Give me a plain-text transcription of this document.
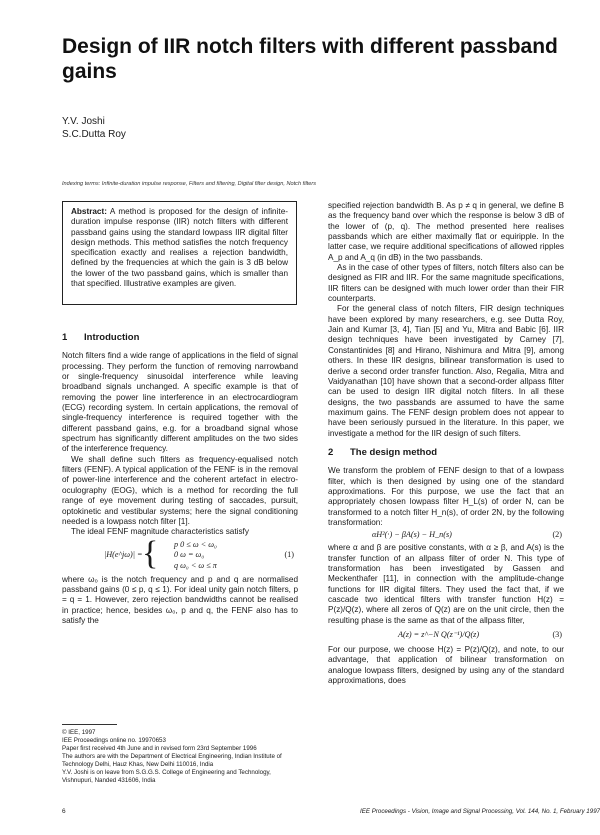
Design of IIR notch filters with different passband gains
Y.V. Joshi
S.C.Dutta Roy
Indexing terms: Infinite-duration impulse response, Filters and filtering, Digital filter design, Notch filters
Abstract: A method is proposed for the design of infinite-duration impulse response (IIR) notch filters with different passband gains using the standard lowpass IIR digital filter design methods. This method satisfies the notch frequency specification exactly and realises a rejection bandwidth, defined by the frequencies at which the gain is 3 dB below the lower of the two passband gains, which is smaller than that specified. Illustrative examples are given.
1 Introduction

Notch filters find a wide range of applications in the field of signal processing. They perform the function of removing narrowband or single-frequency sinusoidal interference while leaving broadband signals unchanged. A specific example is that of removing the power line interference in an electrocardiogram (ECG) recording system. In certain applications, the removal of single-frequency interference is required together with the different passband gains, e.g. for a broadband signal whose spectrum has significantly different amplitudes on the two sides of the interference frequency.

We shall define such filters as frequency-equalised notch filters (FENF). A typical application of the FENF is in the removal of power-line interference and the coherent artefact in electro-oculography (EOG), which is a method for recording the full range of eye movement during testing of saccades, pursuit, optokinetic and vestibular systems; here the signal conditioning needed is a lowpass notch filter [1].

The ideal FENF magnitude characteristics satisfy

|H(e^jω)| =	(1)
{	p 0 ≤ ω < ω₀
0 ω = ω₀
q ω₀ < ω ≤ π

where ω₀ is the notch frequency and p and q are normalised passband gains (0 ≤ p, q ≤ 1). For ideal unity gain notch filters, p = q = 1. However, zero rejection bandwidths cannot be realised in practice; hence, besides ω₀, p and q, the FENF also has to satisfy the

© IEE, 1997
IEE Proceedings online no. 19970653
Paper first received 4th June and in revised form 23rd September 1996
The authors are with the Department of Electrical Engineering, Indian Institute of Technology Delhi, Hauz Khas, New Delhi 110016, India
Y.V. Joshi is on leave from S.G.G.S. College of Engineering and Technology, Vishnupuri, Nanded 431606, India

specified rejection bandwidth B. As p ≠ q in general, we define B as the frequency band over which the response is below 3 dB of the lower of (p, q). The method presented here realises passbands which are either maximally flat or equiripple. In the latter case, we require additional specifications of allowed ripples A_p and A_q (in dB) in the two passbands.

As in the case of other types of filters, notch filters also can be designed as FIR and IIR. For the same magnitude specifications, IIR filters can be designed with much lower order than their FIR counterparts.

For the general class of notch filters, FIR design techniques have been explored by many researchers, e.g. see Dutta Roy, Jain and Kumar [3, 4], Tian [5] and Yu, Mitra and Babic [6]. IIR design techniques have been investigated by Carney [7], Constantinides [8] and Hirano, Nishimura and Mitra [9], among others. In these IIR designs, bilinear transformation is used to derive a second order transfer function. Also, Regalia, Mitra and Vaidyanathan [10] have shown that a second-order allpass filter can be used to design IIR digital notch filters. In all these designs, the two passbands are assumed to have the same maximum gains. The FENF design problem does not appear to have been seriously pursued in the literature. In this paper, we investigate a method for the IIR design of such filters.

2 The design method

We transform the problem of FENF design to that of a lowpass filter, which is then designed by using one of the standard approximations. For this purpose, we use the fact that an appropriately chosen lowpass filter H_L(s) of order N, can be transformed to a notch filter H_n(s), of order 2N, by the following transformation:

αH²(·) − βA(s) − H_n(s)	(2)

where α and β are positive constants, with α ≥ β, and A(s) is the transfer function of an allpass filter of order N. This type of transformation has been investigated by Gassen and Meckenthafer [11], in connection with the amplitude-change functions for IIR digital filters. They used the fact that, if we cascade two identical filters with transfer function H(z) = P(z)/Q(z), where all zeros of Q(z) are on the unit circle, then the resulting phase is the same as that of the allpass filter,

A(z) = z^−N Q(z⁻¹)/Q(z)	(3)

For our purpose, we choose H(z) = P(z)/Q(z), and note, to our advantage, that application of bilinear transformation on analogue lowpass filters, designed by using any of the standard approximations, does

6	IEE Proceedings - Vision, Image and Signal Processing, Vol. 144, No. 1, February 1997
